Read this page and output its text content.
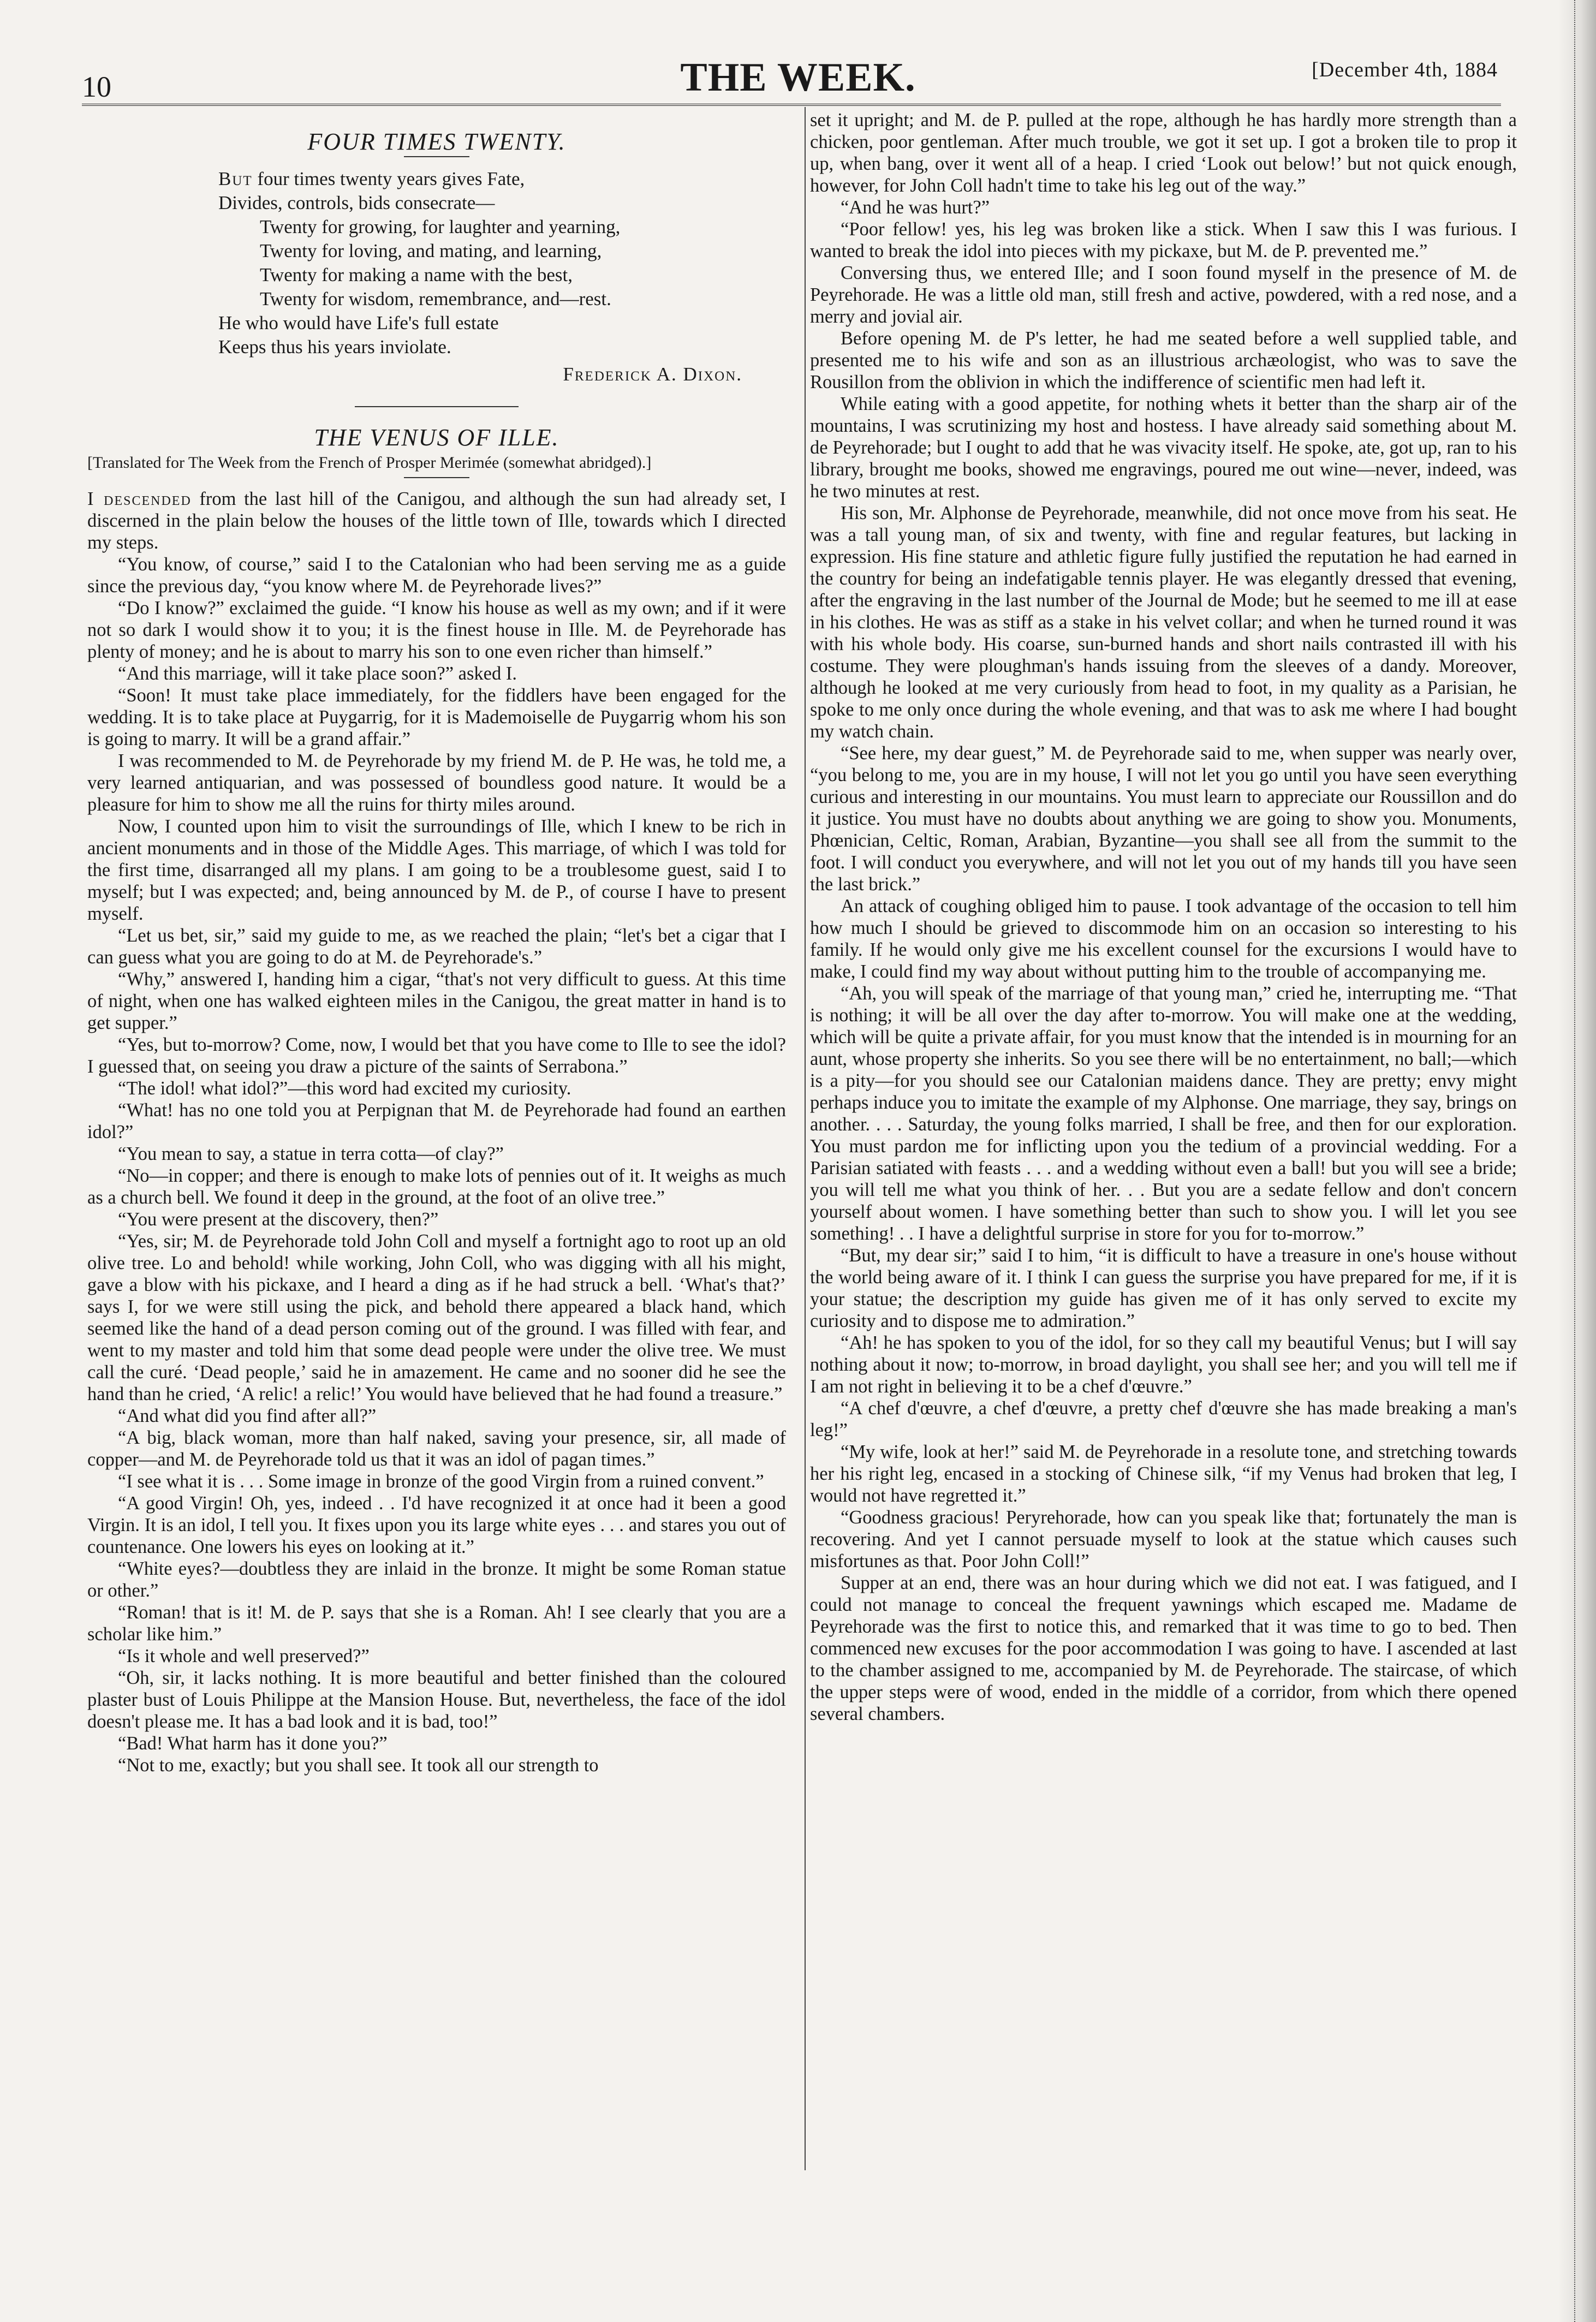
10	THE WEEK.	[December 4th, 1884
FOUR TIMES TWENTY.
But four times twenty years gives Fate,
Divides, controls, bids consecrate—
Twenty for growing, for laughter and yearning,
Twenty for loving, and mating, and learning,
Twenty for making a name with the best,
Twenty for wisdom, remembrance, and—rest.
He who would have Life's full estate
Keeps thus his years inviolate.
Frederick A. Dixon.
THE VENUS OF ILLE.

[Translated for The Week from the French of Prosper Merimée (somewhat abridged).]

I descended from the last hill of the Canigou, and although the sun had already set, I discerned in the plain below the houses of the little town of Ille, towards which I directed my steps.

“You know, of course,” said I to the Catalonian who had been serving me as a guide since the previous day, “you know where M. de Peyrehorade lives?”

“Do I know?” exclaimed the guide. “I know his house as well as my own; and if it were not so dark I would show it to you; it is the finest house in Ille. M. de Peyrehorade has plenty of money; and he is about to marry his son to one even richer than himself.”

“And this marriage, will it take place soon?” asked I.

“Soon! It must take place immediately, for the fiddlers have been engaged for the wedding. It is to take place at Puygarrig, for it is Mademoiselle de Puygarrig whom his son is going to marry. It will be a grand affair.”

I was recommended to M. de Peyrehorade by my friend M. de P. He was, he told me, a very learned antiquarian, and was possessed of boundless good nature. It would be a pleasure for him to show me all the ruins for thirty miles around.

Now, I counted upon him to visit the surroundings of Ille, which I knew to be rich in ancient monuments and in those of the Middle Ages. This marriage, of which I was told for the first time, disarranged all my plans. I am going to be a troublesome guest, said I to myself; but I was expected; and, being announced by M. de P., of course I have to present myself.

“Let us bet, sir,” said my guide to me, as we reached the plain; “let's bet a cigar that I can guess what you are going to do at M. de Peyrehorade's.”

“Why,” answered I, handing him a cigar, “that's not very difficult to guess. At this time of night, when one has walked eighteen miles in the Canigou, the great matter in hand is to get supper.”

“Yes, but to-morrow? Come, now, I would bet that you have come to Ille to see the idol? I guessed that, on seeing you draw a picture of the saints of Serrabona.”

“The idol! what idol?”—this word had excited my curiosity.

“What! has no one told you at Perpignan that M. de Peyrehorade had found an earthen idol?”

“You mean to say, a statue in terra cotta—of clay?”

“No—in copper; and there is enough to make lots of pennies out of it. It weighs as much as a church bell. We found it deep in the ground, at the foot of an olive tree.”

“You were present at the discovery, then?”

“Yes, sir; M. de Peyrehorade told John Coll and myself a fortnight ago to root up an old olive tree. Lo and behold! while working, John Coll, who was digging with all his might, gave a blow with his pickaxe, and I heard a ding as if he had struck a bell. ‘What's that?’ says I, for we were still using the pick, and behold there appeared a black hand, which seemed like the hand of a dead person coming out of the ground. I was filled with fear, and went to my master and told him that some dead people were under the olive tree. We must call the curé. ‘Dead people,’ said he in amazement. He came and no sooner did he see the hand than he cried, ‘A relic! a relic!’ You would have believed that he had found a treasure.”

“And what did you find after all?”

“A big, black woman, more than half naked, saving your presence, sir, all made of copper—and M. de Peyrehorade told us that it was an idol of pagan times.”

“I see what it is . . . Some image in bronze of the good Virgin from a ruined convent.”

“A good Virgin! Oh, yes, indeed . . I'd have recognized it at once had it been a good Virgin. It is an idol, I tell you. It fixes upon you its large white eyes . . . and stares you out of countenance. One lowers his eyes on looking at it.”

“White eyes?—doubtless they are inlaid in the bronze. It might be some Roman statue or other.”

“Roman! that is it! M. de P. says that she is a Roman. Ah! I see clearly that you are a scholar like him.”

“Is it whole and well preserved?”

“Oh, sir, it lacks nothing. It is more beautiful and better finished than the coloured plaster bust of Louis Philippe at the Mansion House. But, nevertheless, the face of the idol doesn't please me. It has a bad look and it is bad, too!”

“Bad! What harm has it done you?”

“Not to me, exactly; but you shall see. It took all our strength to

set it upright; and M. de P. pulled at the rope, although he has hardly more strength than a chicken, poor gentleman. After much trouble, we got it set up. I got a broken tile to prop it up, when bang, over it went all of a heap. I cried ‘Look out below!’ but not quick enough, however, for John Coll hadn't time to take his leg out of the way.”

“And he was hurt?”

“Poor fellow! yes, his leg was broken like a stick. When I saw this I was furious. I wanted to break the idol into pieces with my pickaxe, but M. de P. prevented me.”

Conversing thus, we entered Ille; and I soon found myself in the presence of M. de Peyrehorade. He was a little old man, still fresh and active, powdered, with a red nose, and a merry and jovial air.

Before opening M. de P's letter, he had me seated before a well supplied table, and presented me to his wife and son as an illustrious archæologist, who was to save the Rousillon from the oblivion in which the indifference of scientific men had left it.

While eating with a good appetite, for nothing whets it better than the sharp air of the mountains, I was scrutinizing my host and hostess. I have already said something about M. de Peyrehorade; but I ought to add that he was vivacity itself. He spoke, ate, got up, ran to his library, brought me books, showed me engravings, poured me out wine—never, indeed, was he two minutes at rest.

His son, Mr. Alphonse de Peyrehorade, meanwhile, did not once move from his seat. He was a tall young man, of six and twenty, with fine and regular features, but lacking in expression. His fine stature and athletic figure fully justified the reputation he had earned in the country for being an indefatigable tennis player. He was elegantly dressed that evening, after the engraving in the last number of the Journal de Mode; but he seemed to me ill at ease in his clothes. He was as stiff as a stake in his velvet collar; and when he turned round it was with his whole body. His coarse, sun-burned hands and short nails contrasted ill with his costume. They were ploughman's hands issuing from the sleeves of a dandy. Moreover, although he looked at me very curiously from head to foot, in my quality as a Parisian, he spoke to me only once during the whole evening, and that was to ask me where I had bought my watch chain.

“See here, my dear guest,” M. de Peyrehorade said to me, when supper was nearly over, “you belong to me, you are in my house, I will not let you go until you have seen everything curious and interesting in our mountains. You must learn to appreciate our Roussillon and do it justice. You must have no doubts about anything we are going to show you. Monuments, Phœnician, Celtic, Roman, Arabian, Byzantine—you shall see all from the summit to the foot. I will conduct you everywhere, and will not let you out of my hands till you have seen the last brick.”

An attack of coughing obliged him to pause. I took advantage of the occasion to tell him how much I should be grieved to discommode him on an occasion so interesting to his family. If he would only give me his excellent counsel for the excursions I would have to make, I could find my way about without putting him to the trouble of accompanying me.

“Ah, you will speak of the marriage of that young man,” cried he, interrupting me. “That is nothing; it will be all over the day after to-morrow. You will make one at the wedding, which will be quite a private affair, for you must know that the intended is in mourning for an aunt, whose property she inherits. So you see there will be no entertainment, no ball;—which is a pity—for you should see our Catalonian maidens dance. They are pretty; envy might perhaps induce you to imitate the example of my Alphonse. One marriage, they say, brings on another. . . . Saturday, the young folks married, I shall be free, and then for our exploration. You must pardon me for inflicting upon you the tedium of a provincial wedding. For a Parisian satiated with feasts . . . and a wedding without even a ball! but you will see a bride; you will tell me what you think of her. . . But you are a sedate fellow and don't concern yourself about women. I have something better than such to show you. I will let you see something! . . I have a delightful surprise in store for you for to-morrow.”

“But, my dear sir;” said I to him, “it is difficult to have a treasure in one's house without the world being aware of it. I think I can guess the surprise you have prepared for me, if it is your statue; the description my guide has given me of it has only served to excite my curiosity and to dispose me to admiration.”

“Ah! he has spoken to you of the idol, for so they call my beautiful Venus; but I will say nothing about it now; to-morrow, in broad daylight, you shall see her; and you will tell me if I am not right in believing it to be a chef d'œuvre.”

“A chef d'œuvre, a chef d'œuvre, a pretty chef d'œuvre she has made breaking a man's leg!”

“My wife, look at her!” said M. de Peyrehorade in a resolute tone, and stretching towards her his right leg, encased in a stocking of Chinese silk, “if my Venus had broken that leg, I would not have regretted it.”

“Goodness gracious! Peryrehorade, how can you speak like that; fortunately the man is recovering. And yet I cannot persuade myself to look at the statue which causes such misfortunes as that. Poor John Coll!”

Supper at an end, there was an hour during which we did not eat. I was fatigued, and I could not manage to conceal the frequent yawnings which escaped me. Madame de Peyrehorade was the first to notice this, and remarked that it was time to go to bed. Then commenced new excuses for the poor accommodation I was going to have. I ascended at last to the chamber assigned to me, accompanied by M. de Peyrehorade. The staircase, of which the upper steps were of wood, ended in the middle of a corridor, from which there opened several chambers.
